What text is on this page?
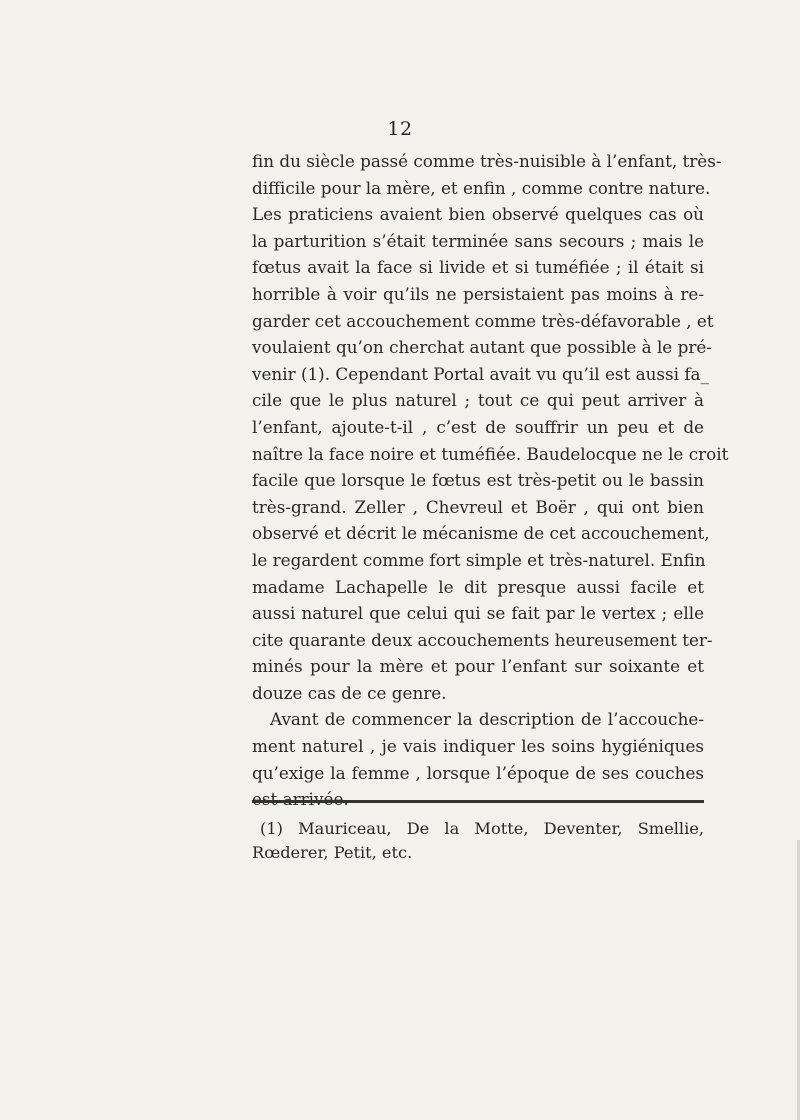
12
fin du siècle passé comme très-nuisible à l’enfant, très-
difficile pour la mère, et enfin , comme contre nature.
Les praticiens avaient bien observé quelques cas où
la parturition s’était terminée sans secours ; mais le
fœtus avait la face si livide et si tuméfiée ; il était si
horrible à voir qu’ils ne persistaient pas moins à re-
garder cet accouchement comme très-défavorable , et
voulaient qu’on cherchat autant que possible à le pré-
venir (1). Cependant Portal avait vu qu’il est aussi fa_
cile que le plus naturel ; tout ce qui peut arriver à
l’enfant, ajoute-t-il , c’est de souffrir un peu et de
naître la face noire et tuméfiée. Baudelocque ne le croit
facile que lorsque le fœtus est très-petit ou le bassin
très-grand. Zeller , Chevreul et Boër , qui ont bien
observé et décrit le mécanisme de cet accouchement,
le regardent comme fort simple et très-naturel. Enfin
madame Lachapelle le dit presque aussi facile et
aussi naturel que celui qui se fait par le vertex ; elle
cite quarante deux accouchements heureusement ter-
minés pour la mère et pour l’enfant sur soixante et
douze cas de ce genre.
Avant de commencer la description de l’accouche-
ment naturel , je vais indiquer les soins hygiéniques
qu’exige la femme , lorsque l’époque de ses couches
est arrivée.
(1) Mauriceau, De la Motte, Deventer, Smellie,
Rœderer, Petit, etc.
